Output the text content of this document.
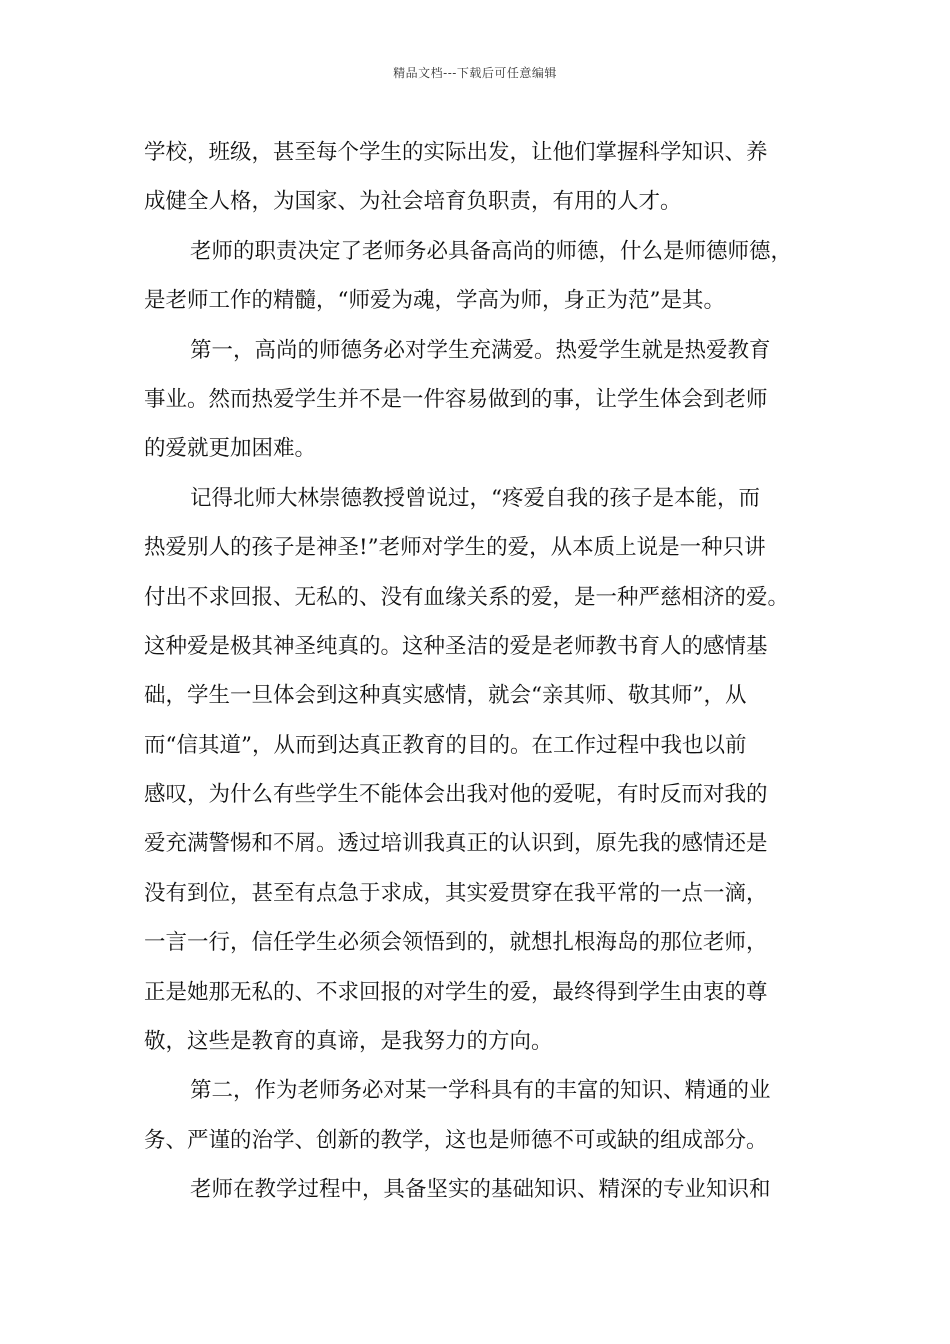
精品文档---下载后可任意编辑
学校，班级，甚至每个学生的实际出发，让他们掌握科学知识、养
成健全人格，为国家、为社会培育负职责，有用的人才。
老师的职责决定了老师务必具备高尚的师德，什么是师德师德，
是老师工作的精髓，“师爱为魂，学高为师，身正为范”是其。
第一，高尚的师德务必对学生充满爱。热爱学生就是热爱教育
事业。然而热爱学生并不是一件容易做到的事，让学生体会到老师
的爱就更加困难。
记得北师大林崇德教授曾说过，“疼爱自我的孩子是本能，而
热爱别人的孩子是神圣!”老师对学生的爱，从本质上说是一种只讲
付出不求回报、无私的、没有血缘关系的爱，是一种严慈相济的爱。
这种爱是极其神圣纯真的。这种圣洁的爱是老师教书育人的感情基
础，学生一旦体会到这种真实感情，就会“亲其师、敬其师”，从
而“信其道”，从而到达真正教育的目的。在工作过程中我也以前
感叹，为什么有些学生不能体会出我对他的爱呢，有时反而对我的
爱充满警惕和不屑。透过培训我真正的认识到，原先我的感情还是
没有到位，甚至有点急于求成，其实爱贯穿在我平常的一点一滴，
一言一行，信任学生必须会领悟到的，就想扎根海岛的那位老师，
正是她那无私的、不求回报的对学生的爱，最终得到学生由衷的尊
敬，这些是教育的真谛，是我努力的方向。
第二，作为老师务必对某一学科具有的丰富的知识、精通的业
务、严谨的治学、创新的教学，这也是师德不可或缺的组成部分。
老师在教学过程中，具备坚实的基础知识、精深的专业知识和
